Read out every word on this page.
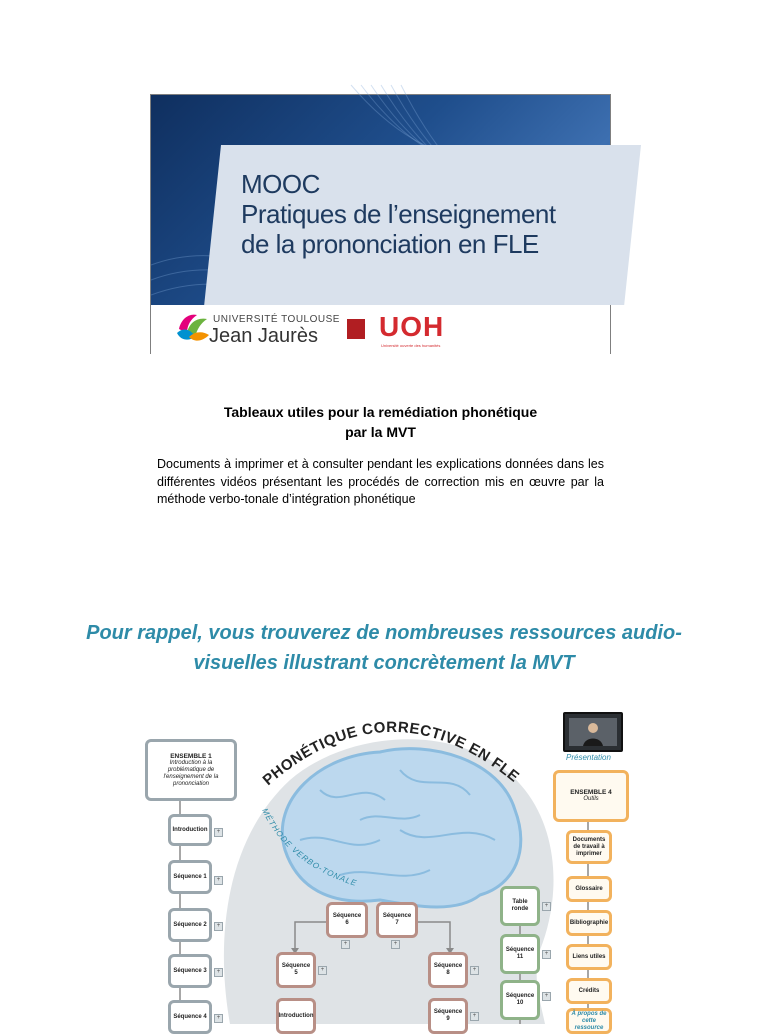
MOOC
Pratiques de l’enseignement
de la prononciation en FLE
UNIVERSITÉ TOULOUSE
Jean Jaurès UOH
Université ouverte des humanités
Tableaux utiles pour la remédiation phonétique
par la MVT
Documents à imprimer et à consulter pendant les explications données dans les différentes vidéos présentant les procédés de correction mis en œuvre par la méthode verbo-tonale d’intégration phonétique
Pour rappel, vous trouverez de nombreuses ressources audio-
visuelles illustrant concrètement la MVT
PHONÉTIQUE CORRECTIVE EN FLE
MÉTHODE VERBO-TONALE
ENSEMBLE 1
Introduction à la problématique de l'enseignement de la prononciation
Introduction	+
Séquence 1
+
Séquence 2	+
Séquence 3	+
Séquence 4	+
Séquence 6
+
Séquence 7
+
Séquence 5	+
Introduction
Séquence 8	+
Séquence 9	+
Table ronde	+
Séquence 11	+
Séquence 10
+
Présentation
ENSEMBLE 4
Outils
Documents de travail à imprimer
Glossaire
Bibliographie
Liens utiles
Crédits
À propos de cette ressource
